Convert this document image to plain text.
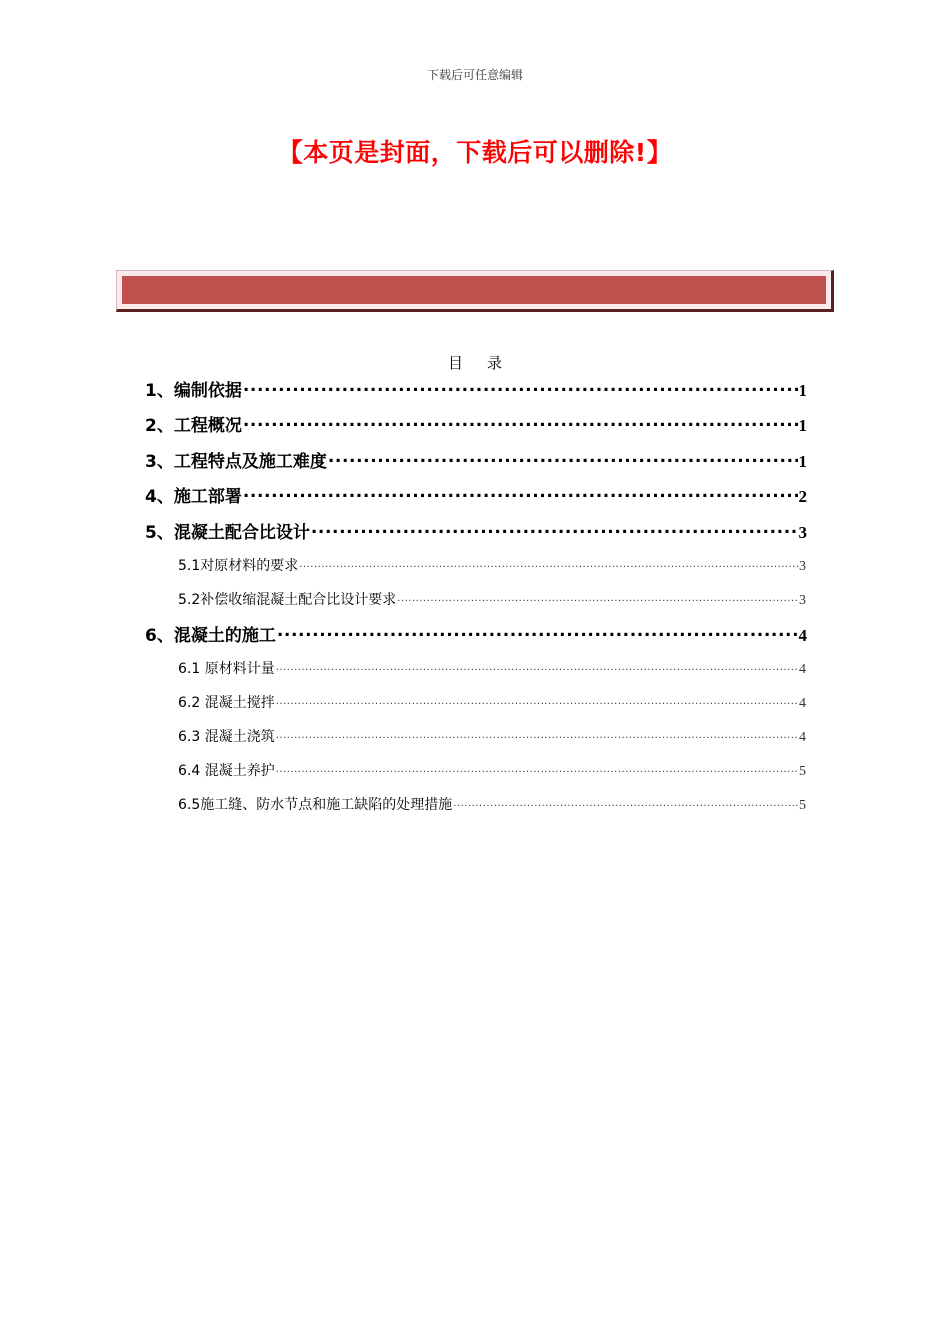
下载后可任意编辑
【本页是封面，下载后可以删除!】
目录
1、编制依据 .....	1
2、工程概况 .....	1
3、工程特点及施工难度 .....	1
4、施工部署 .....	2
5、混凝土配合比设计 .....	3
5.1对原材料的要求 .....	3
5.2补偿收缩混凝土配合比设计要求 .....	3
6、混凝土的施工 .....	4
6.1 原材料计量 .....	4
6.2 混凝土搅拌 .....	4
6.3 混凝土浇筑 .....	4
6.4 混凝土养护 .....	5
6.5施工缝、防水节点和施工缺陷的处理措施 .....	5
